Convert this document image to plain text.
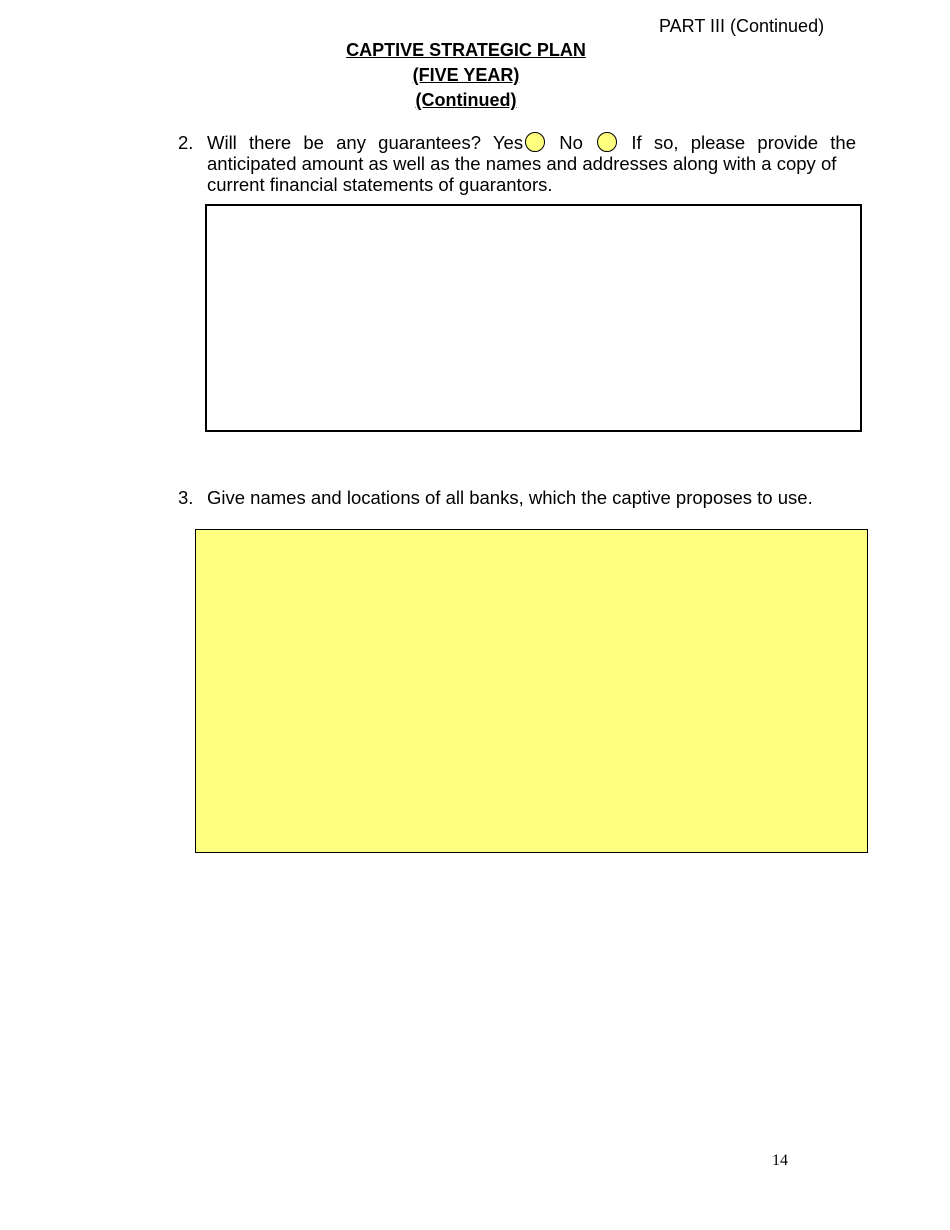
PART III (Continued)
CAPTIVE STRATEGIC PLAN
(FIVE YEAR)
(Continued)
2. Will there be any guarantees? Yes No	If so, please provide the
anticipated amount as well as the names and addresses along with a copy of
current financial statements of guarantors.
3. Give names and locations of all banks, which the captive proposes to use.
14
